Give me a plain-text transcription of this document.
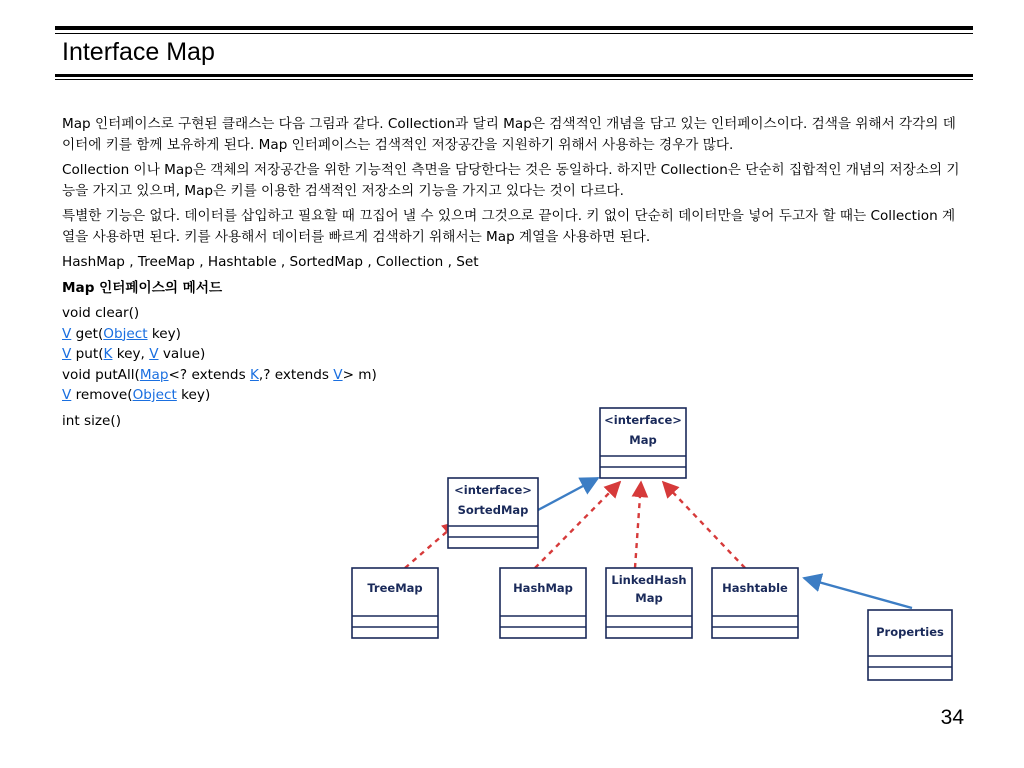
Interface Map

Map 인터페이스로 구현된 클래스는 다음 그림과 같다. Collection과 달리 Map은 검색적인 개념을 담고 있는 인터페이스이다. 검색을 위해서 각각의 데이터에 키를 함께 보유하게 된다. Map 인터페이스는 검색적인 저장공간을 지원하기 위해서 사용하는 경우가 많다.

Collection 이나 Map은 객체의 저장공간을 위한 기능적인 측면을 담당한다는 것은 동일하다. 하지만 Collection은 단순히 집합적인 개념의 저장소의 기능을 가지고 있으며, Map은 키를 이용한 검색적인 저장소의 기능을 가지고 있다는 것이 다르다.

특별한 기능은 없다. 데이터를 삽입하고 필요할 때 끄집어 낼 수 있으며 그것으로 끝이다. 키 없이 단순히 데이터만을 넣어 두고자 할 때는 Collection 계열을 사용하면 된다. 키를 사용해서 데이터를 빠르게 검색하기 위해서는 Map 계열을 사용하면 된다.

HashMap , TreeMap , Hashtable , SortedMap , Collection , Set

Map 인터페이스의 메서드

void clear()
V get(Object key)
V put(K key, V value)
void putAll(Map<? extends K,? extends V> m)
V remove(Object key)
int size()	<interface>
Map
<interface>
SortedMap
TreeMap	HashMap
LinkedHash
Map
Hashtable
Properties
34
